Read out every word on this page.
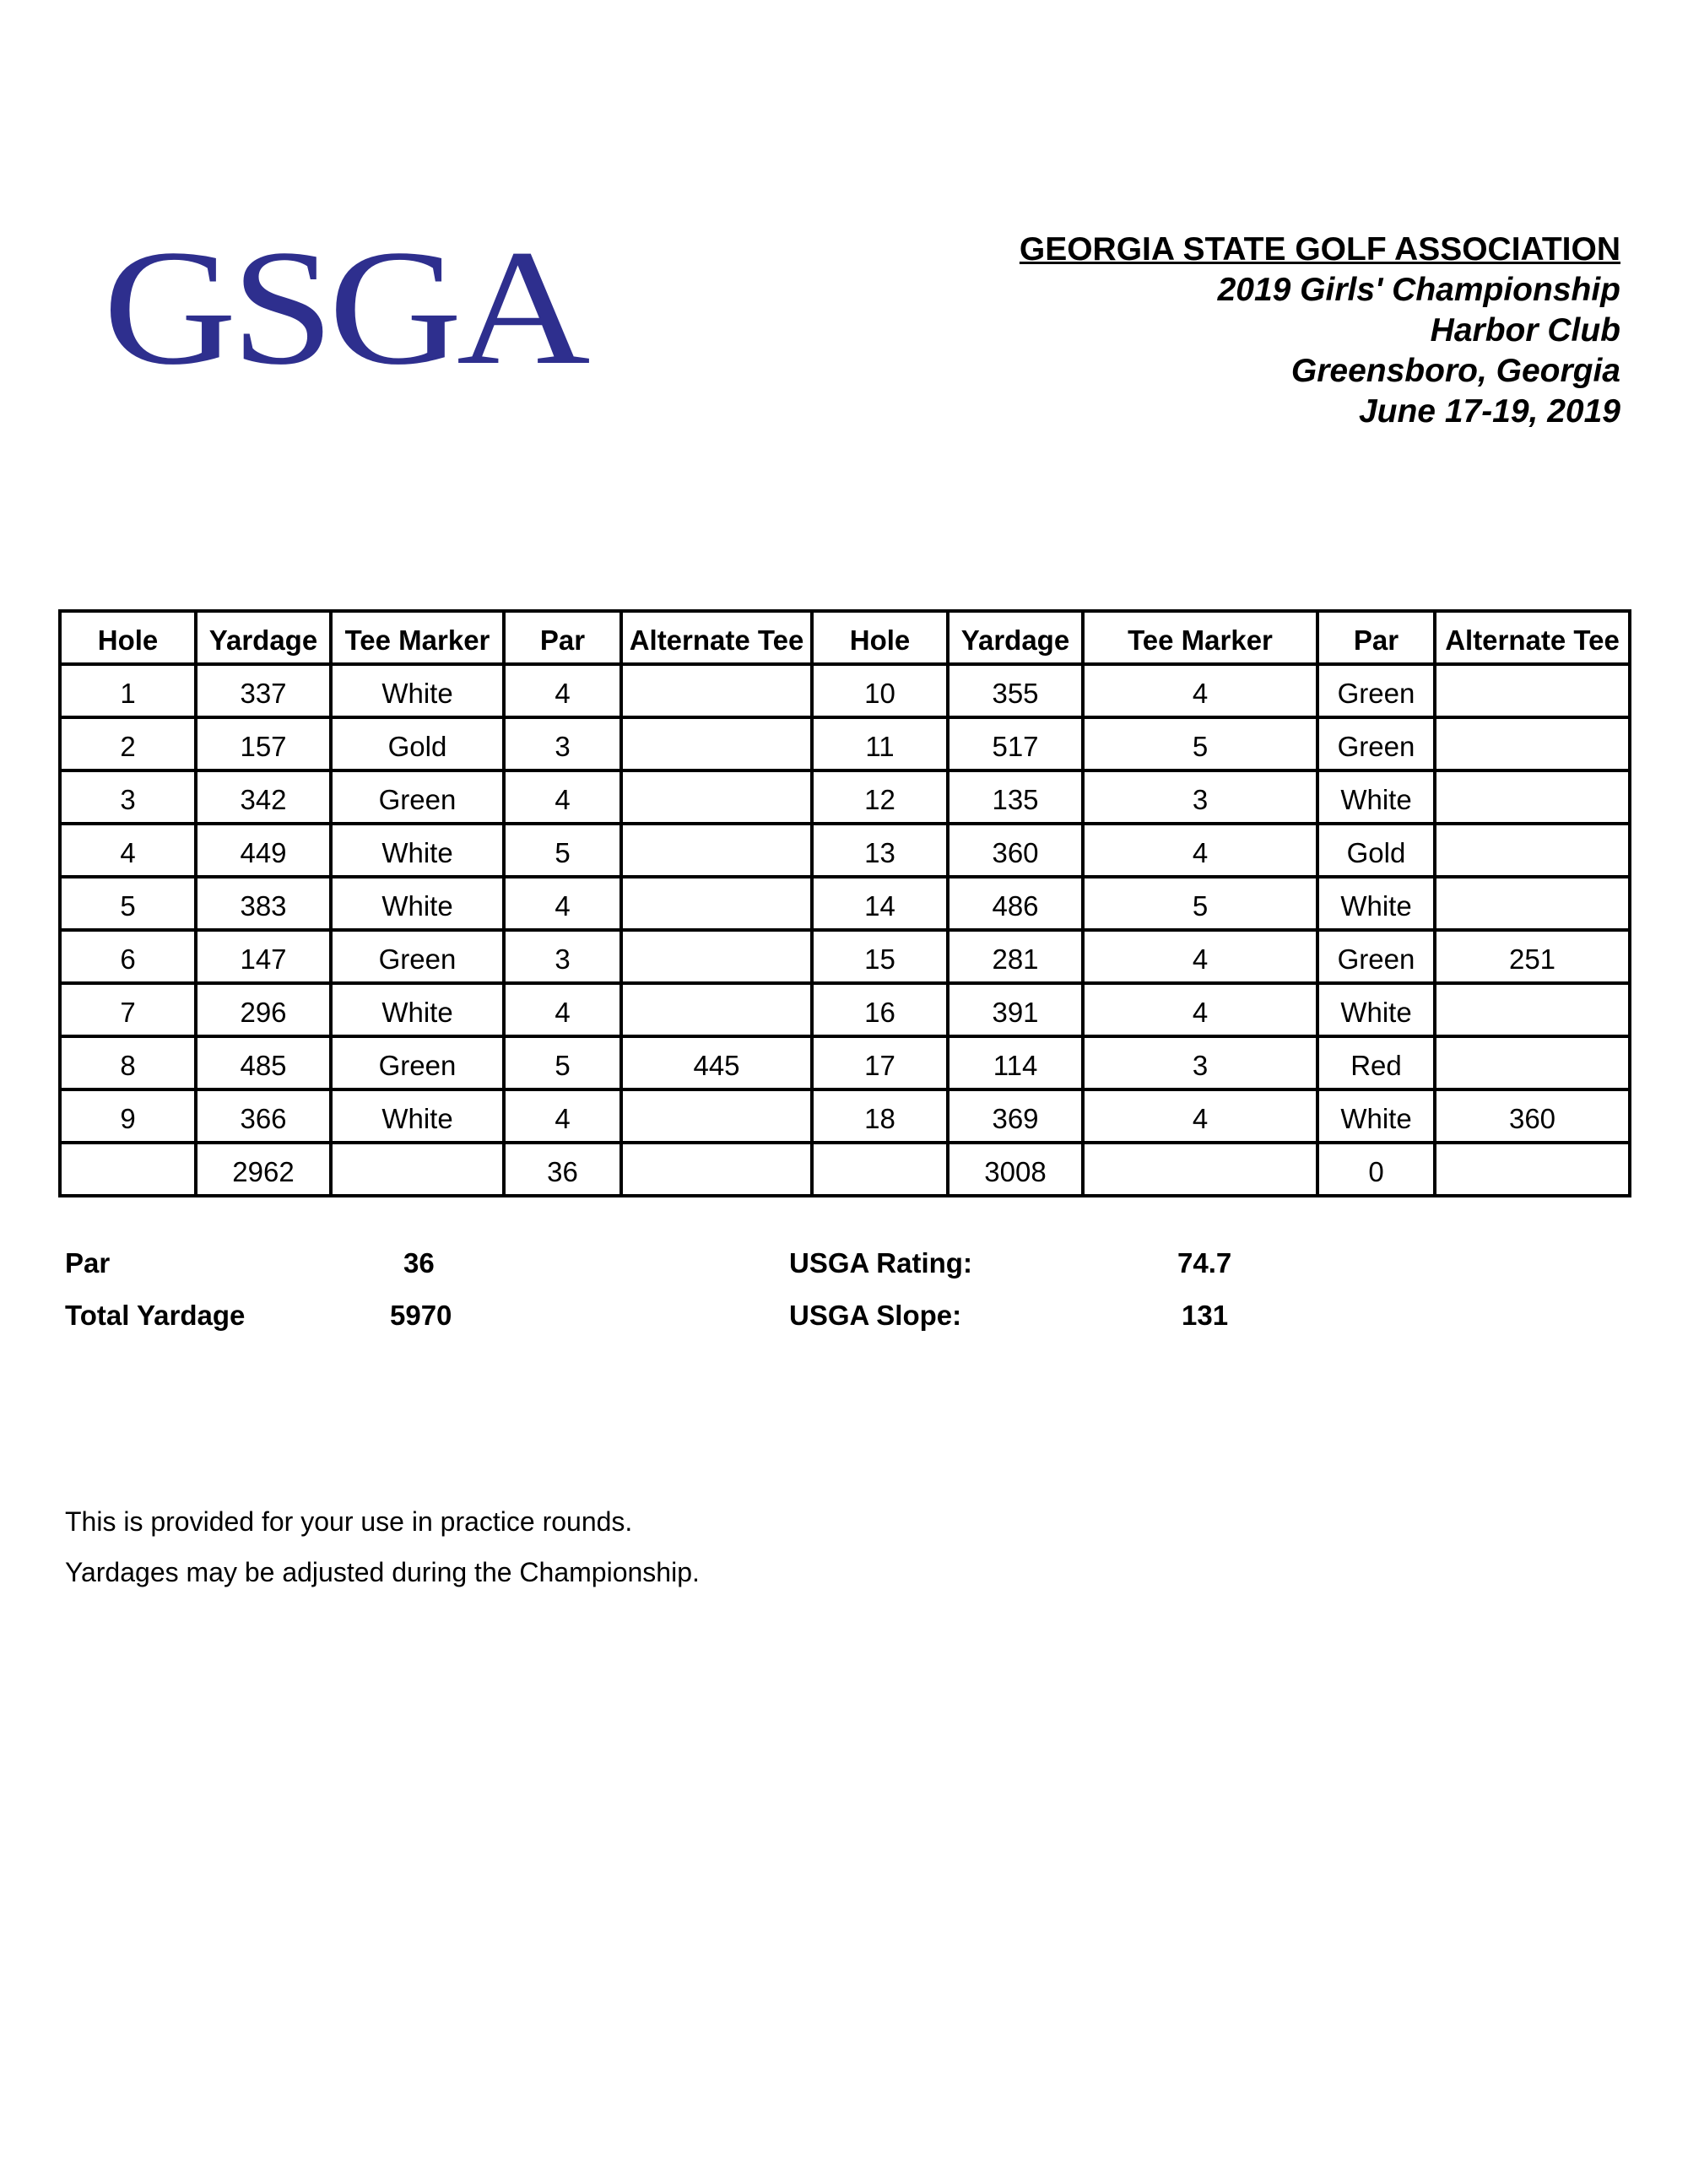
GSGA	GEORGIA STATE GOLF ASSOCIATION
2019 Girls' Championship
Harbor Club
Greensboro, Georgia
June 17-19, 2019
Hole	Yardage	Tee Marker	Par	Alternate Tee	Hole	Yardage	Tee Marker	Par	Alternate Tee
1	337	White	4		10	355	4	Green	
2	157	Gold	3		11	517	5	Green	
3	342	Green	4		12	135	3	White	
4	449	White	5		13	360	4	Gold	
5	383	White	4		14	486	5	White	
6	147	Green	3		15	281	4	Green	251
7	296	White	4		16	391	4	White	
8	485	Green	5	445	17	114	3	Red	
9	366	White	4		18	369	4	White	360
	2962		36			3008		0	
Par	36
Total Yardage	5970
USGA Rating:	74.7
USGA Slope:	131
This is provided for your use in practice rounds.
Yardages may be adjusted during the Championship.
